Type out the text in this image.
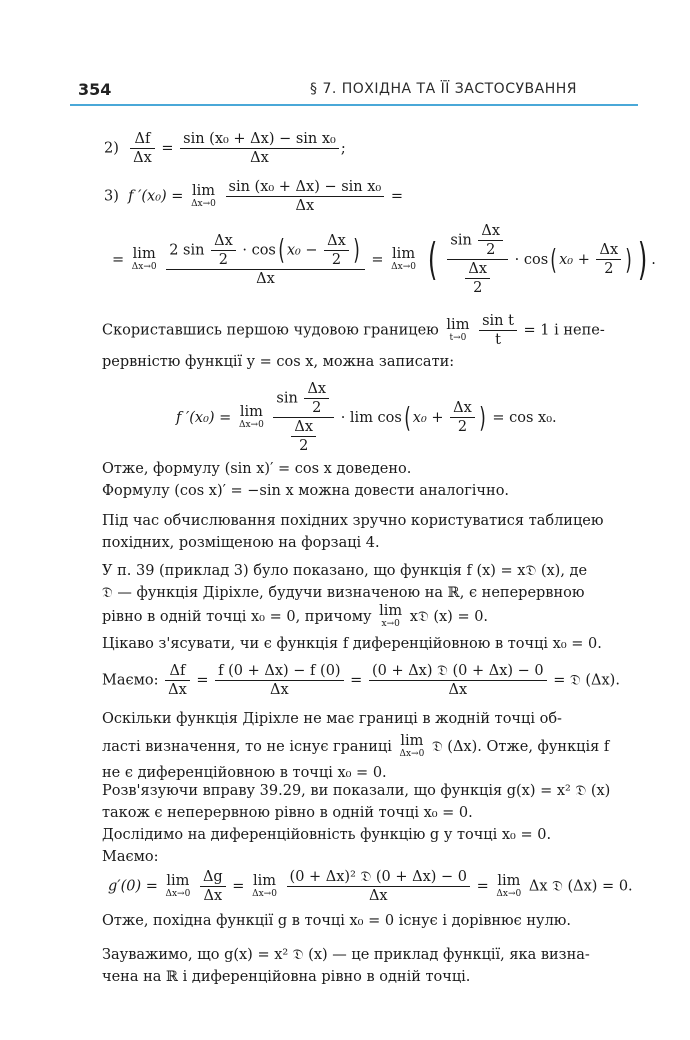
354	§ 7. ПОХІДНА ТА ЇЇ ЗАСТОСУВАННЯ
$2) \frac{\Delta f}{\Delta x} = \frac{\text{sin (x₀ + Δx) − sin x₀}}{\Delta x}$ ;
3) f ′(x₀) = lim
Δx→0
$\frac{\text{sin (x₀ + Δx) − sin x₀}}{\Delta x}$ =
= lim
Δx→0
$\frac{2 \sin \frac{\Delta x}{2} \cdot \cos( x_0 - \frac{\Delta x}{2} )}{\Delta x} = \lim$
Δx→0 ( $\frac{\sin \frac{\Delta x}{2}}{\frac{\Delta x}{2}} \cdot \cos$( $x_0 + \frac{\Delta x}{2}$ ) ) .
Скориставшись першою чудовою границею lim
t→0
$\frac{\text{sin t}}{t} = 1$ і непе-
рервністю функції y = cos x, можна записати:
f ′(x₀) = lim
Δx→0
$\frac{\sin \frac{\Delta x}{2}}{\frac{\Delta x}{2}} \cdot \lim \cos$( $x_0 + \frac{\Delta x}{2}$ ) = cos x₀.
Отже, формулу (sin x)′ = cos x доведено.
Формулу (cos x)′ = −sin x можна довести аналогічно.
Під час обчислювання похідних зручно користуватися таблицею
похідних, розміщеною на форзаці 4.
У п. 39 (приклад 3) було показано, що функція f (x) = x𝔇 (x), де
𝔇 — функція Діріхле, будучи визначеною на ℝ, є неперервною
рівно в одній точці x₀ = 0, причому lim
x→0 x𝔇 (x) = 0.
Цікаво з'ясувати, чи є функція f диференційовною в точці x₀ = 0.
Маємо: $\frac{\Delta f}{\Delta x} = \frac{f (0 + \Delta x) - f (0)}{\Delta x}$ =
(0 + Δx) 𝔇 (0 + Δx) − 0
Δx
= 𝔇 (Δx).
Оскільки функція Діріхле не має границі в жодній точці об-
ласті визначення, то не існує границі lim
Δx→0 𝔇 (Δx). Отже, функція f
не є диференційовною в точці x₀ = 0.
Розв'язуючи вправу 39.29, ви показали, що функція g(x) = x² 𝔇 (x)
також є неперервною рівно в одній точці x₀ = 0.
Дослідимо на диференційовність функцію g у точці x₀ = 0.
Маємо:
g′(0) = lim
Δx→0
$\frac{\Delta g}{\Delta x} = \lim$
Δx→0

(0 + Δx)² 𝔇 (0 + Δx) − 0
Δx
= lim
Δx→0 Δx 𝔇 (Δx) = 0.
Отже, похідна функції g в точці x₀ = 0 існує і дорівнює нулю.
Зауважимо, що g(x) = x² 𝔇 (x) — це приклад функції, яка визна-
чена на ℝ і диференційовна рівно в одній точці.
